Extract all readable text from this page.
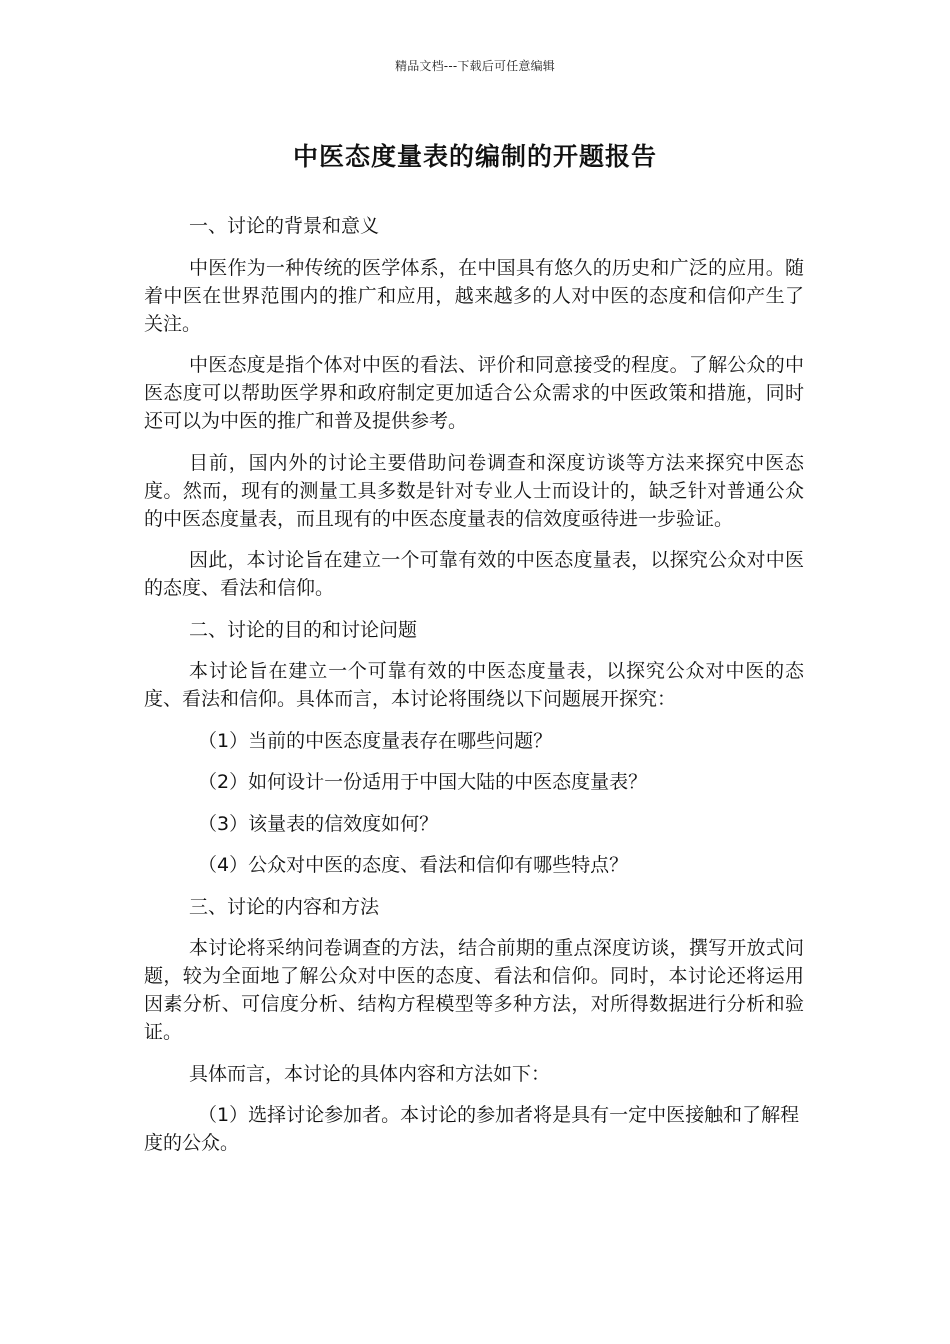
精品文档---下载后可任意编辑
中医态度量表的编制的开题报告

一、讨论的背景和意义

中医作为一种传统的医学体系，在中国具有悠久的历史和广泛的应用。随着中医在世界范围内的推广和应用，越来越多的人对中医的态度和信仰产生了关注。

中医态度是指个体对中医的看法、评价和同意接受的程度。了解公众的中医态度可以帮助医学界和政府制定更加适合公众需求的中医政策和措施，同时还可以为中医的推广和普及提供参考。

目前，国内外的讨论主要借助问卷调查和深度访谈等方法来探究中医态度。然而，现有的测量工具多数是针对专业人士而设计的，缺乏针对普通公众的中医态度量表，而且现有的中医态度量表的信效度亟待进一步验证。

因此，本讨论旨在建立一个可靠有效的中医态度量表，以探究公众对中医的态度、看法和信仰。

二、讨论的目的和讨论问题

本讨论旨在建立一个可靠有效的中医态度量表，以探究公众对中医的态度、看法和信仰。具体而言，本讨论将围绕以下问题展开探究：

（1）当前的中医态度量表存在哪些问题？

（2）如何设计一份适用于中国大陆的中医态度量表？

（3）该量表的信效度如何？

（4）公众对中医的态度、看法和信仰有哪些特点？

三、讨论的内容和方法

本讨论将采纳问卷调查的方法，结合前期的重点深度访谈，撰写开放式问题，较为全面地了解公众对中医的态度、看法和信仰。同时，本讨论还将运用因素分析、可信度分析、结构方程模型等多种方法，对所得数据进行分析和验证。

具体而言，本讨论的具体内容和方法如下：

（1）选择讨论参加者。本讨论的参加者将是具有一定中医接触和了解程度的公众。
